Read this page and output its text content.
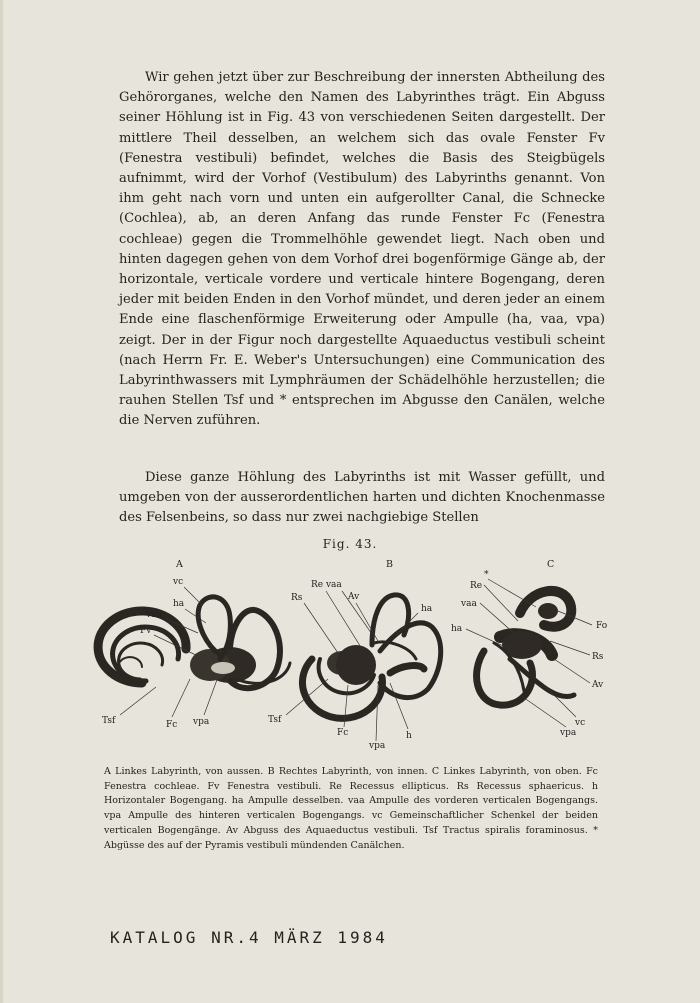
Wir gehen jetzt über zur Beschreibung der innersten Abtheilung des Gehörorganes, welche den Namen des Labyrinthes trägt. Ein Abguss seiner Höhlung ist in Fig. 43 von verschiedenen Seiten dargestellt. Der mittlere Theil desselben, an welchem sich das ovale Fenster Fv (Fenestra vestibuli) befindet, welches die Basis des Steigbügels aufnimmt, wird der Vorhof (Vestibulum) des Labyrinths genannt. Von ihm geht nach vorn und unten ein aufgerollter Canal, die Schnecke (Cochlea), ab, an deren Anfang das runde Fenster Fc (Fenestra cochleae) gegen die Trommelhöhle gewendet liegt. Nach oben und hinten dagegen gehen von dem Vorhof drei bogenförmige Gänge ab, der horizontale, verticale vordere und verticale hintere Bogengang, deren jeder mit beiden Enden in den Vorhof mündet, und deren jeder an einem Ende eine flaschenförmige Erweiterung oder Ampulle (ha, vaa, vpa) zeigt. Der in der Figur noch dargestellte Aquaeductus vestibuli scheint (nach Herrn Fr. E. Weber's Untersuchungen) eine Communication des Labyrinthwassers mit Lymphräumen der Schädelhöhle herzustellen; die rauhen Stellen Tsf und * entsprechen im Abgusse den Canälen, welche die Nerven zuführen.

Diese ganze Höhlung des Labyrinths ist mit Wasser gefüllt, und umgeben von der ausserordentlichen harten und dichten Knochenmasse des Felsenbeins, so dass nur zwei nachgiebige Stellen

Fig. 43.
A	B	C
vc
ha
vaa
Fv
Tsf	Fc vpa
Re vaa
Rs	Av
ha
Tsf
Fc
vpa
h
Re
*
vaa
ha	Fo
Rs
Av
vc
vpa

A Linkes Labyrinth, von aussen. B Rechtes Labyrinth, von innen. C Linkes Labyrinth, von oben. Fc Fenestra cochleae. Fv Fenestra vestibuli. Re Recessus ellipticus. Rs Recessus sphaericus. h Horizontaler Bogengang. ha Ampulle desselben. vaa Ampulle des vorderen verticalen Bogengangs. vpa Ampulle des hinteren verticalen Bogengangs. vc Gemeinschaftlicher Schenkel der beiden verticalen Bogengänge. Av Abguss des Aquaeductus vestibuli. Tsf Tractus spiralis foraminosus. * Abgüsse des auf der Pyramis vestibuli mündenden Canälchen.

KATALOG NR.4 MÄRZ 1984
